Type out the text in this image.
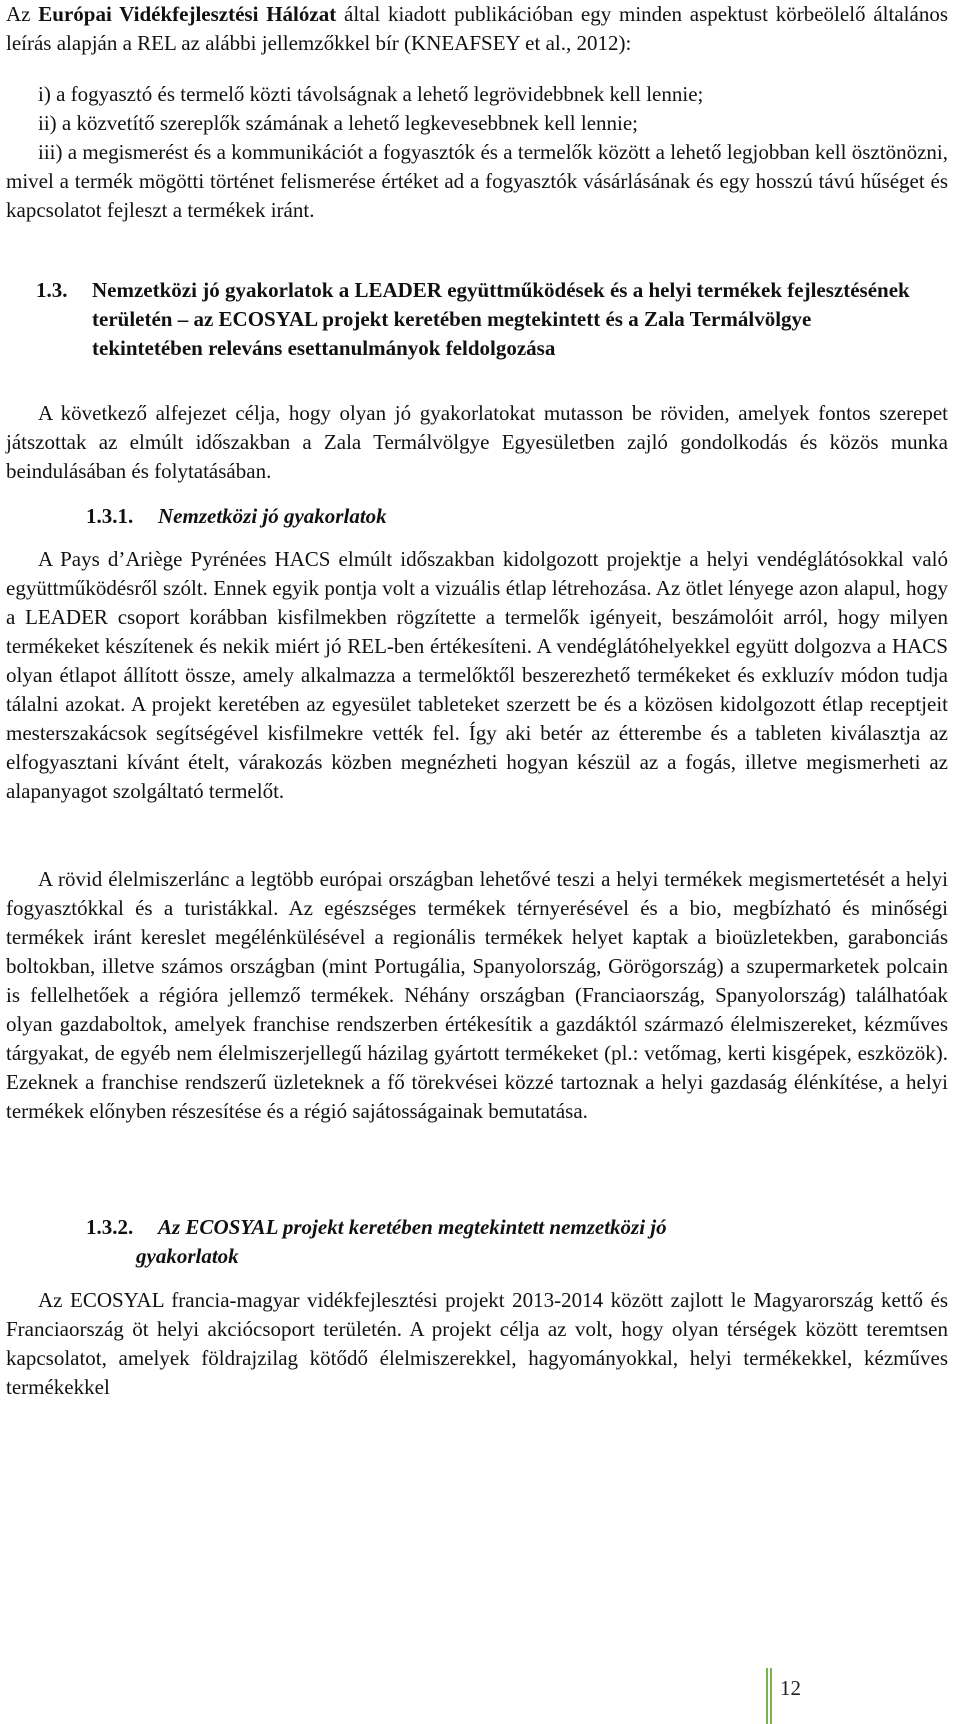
Az Európai Vidékfejlesztési Hálózat által kiadott publikációban egy minden aspektust körbeölelő általános leírás alapján a REL az alábbi jellemzőkkel bír (KNEAFSEY et al., 2012):

i) a fogyasztó és termelő közti távolságnak a lehető legrövidebbnek kell lennie;

ii) a közvetítő szereplők számának a lehető legkevesebbnek kell lennie;

iii) a megismerést és a kommunikációt a fogyasztók és a termelők között a lehető legjobban kell ösztönözni, mivel a termék mögötti történet felismerése értéket ad a fogyasztók vásárlásának és egy hosszú távú hűséget és kapcsolatot fejleszt a termékek iránt.

1.3. Nemzetközi jó gyakorlatok a LEADER együttműködések és a helyi termékek fejlesztésének területén – az ECOSYAL projekt keretében megtekintett és a Zala Termálvölgye tekintetében releváns esettanulmányok feldolgozása

A következő alfejezet célja, hogy olyan jó gyakorlatokat mutasson be röviden, amelyek fontos szerepet játszottak az elmúlt időszakban a Zala Termálvölgye Egyesületben zajló gondolkodás és közös munka beindulásában és folytatásában.

1.3.1. Nemzetközi jó gyakorlatok

A Pays d’Ariège Pyrénées HACS elmúlt időszakban kidolgozott projektje a helyi vendéglátósokkal való együttműködésről szólt. Ennek egyik pontja volt a vizuális étlap létrehozása. Az ötlet lényege azon alapul, hogy a LEADER csoport korábban kisfilmekben rögzítette a termelők igényeit, beszámolóit arról, hogy milyen termékeket készítenek és nekik miért jó REL-ben értékesíteni. A vendéglátóhelyekkel együtt dolgozva a HACS olyan étlapot állított össze, amely alkalmazza a termelőktől beszerezhető termékeket és exkluzív módon tudja tálalni azokat. A projekt keretében az egyesület tableteket szerzett be és a közösen kidolgozott étlap receptjeit mesterszakácsok segítségével kisfilmekre vették fel. Így aki betér az étterembe és a tableten kiválasztja az elfogyasztani kívánt ételt, várakozás közben megnézheti hogyan készül az a fogás, illetve megismerheti az alapanyagot szolgáltató termelőt.

A rövid élelmiszerlánc a legtöbb európai országban lehetővé teszi a helyi termékek megismertetését a helyi fogyasztókkal és a turistákkal. Az egészséges termékek térnyerésével és a bio, megbízható és minőségi termékek iránt kereslet megélénkülésével a regionális termékek helyet kaptak a bioüzletekben, garabonciás boltokban, illetve számos országban (mint Portugália, Spanyolország, Görögország) a szupermarketek polcain is fellelhetőek a régióra jellemző termékek. Néhány országban (Franciaország, Spanyolország) találhatóak olyan gazdaboltok, amelyek franchise rendszerben értékesítik a gazdáktól származó élelmiszereket, kézműves tárgyakat, de egyéb nem élelmiszerjellegű házilag gyártott termékeket (pl.: vetőmag, kerti kisgépek, eszközök). Ezeknek a franchise rendszerű üzleteknek a fő törekvései közzé tartoznak a helyi gazdaság élénkítése, a helyi termékek előnyben részesítése és a régió sajátosságainak bemutatása.

1.3.2.	Az ECOSYAL projekt keretében megtekintett nemzetközi jó
gyakorlatok

Az ECOSYAL francia-magyar vidékfejlesztési projekt 2013-2014 között zajlott le Magyarország kettő és Franciaország öt helyi akciócsoport területén. A projekt célja az volt, hogy olyan térségek között teremtsen kapcsolatot, amelyek földrajzilag kötődő élelmiszerekkel, hagyományokkal, helyi termékekkel, kézműves termékekkel

12
